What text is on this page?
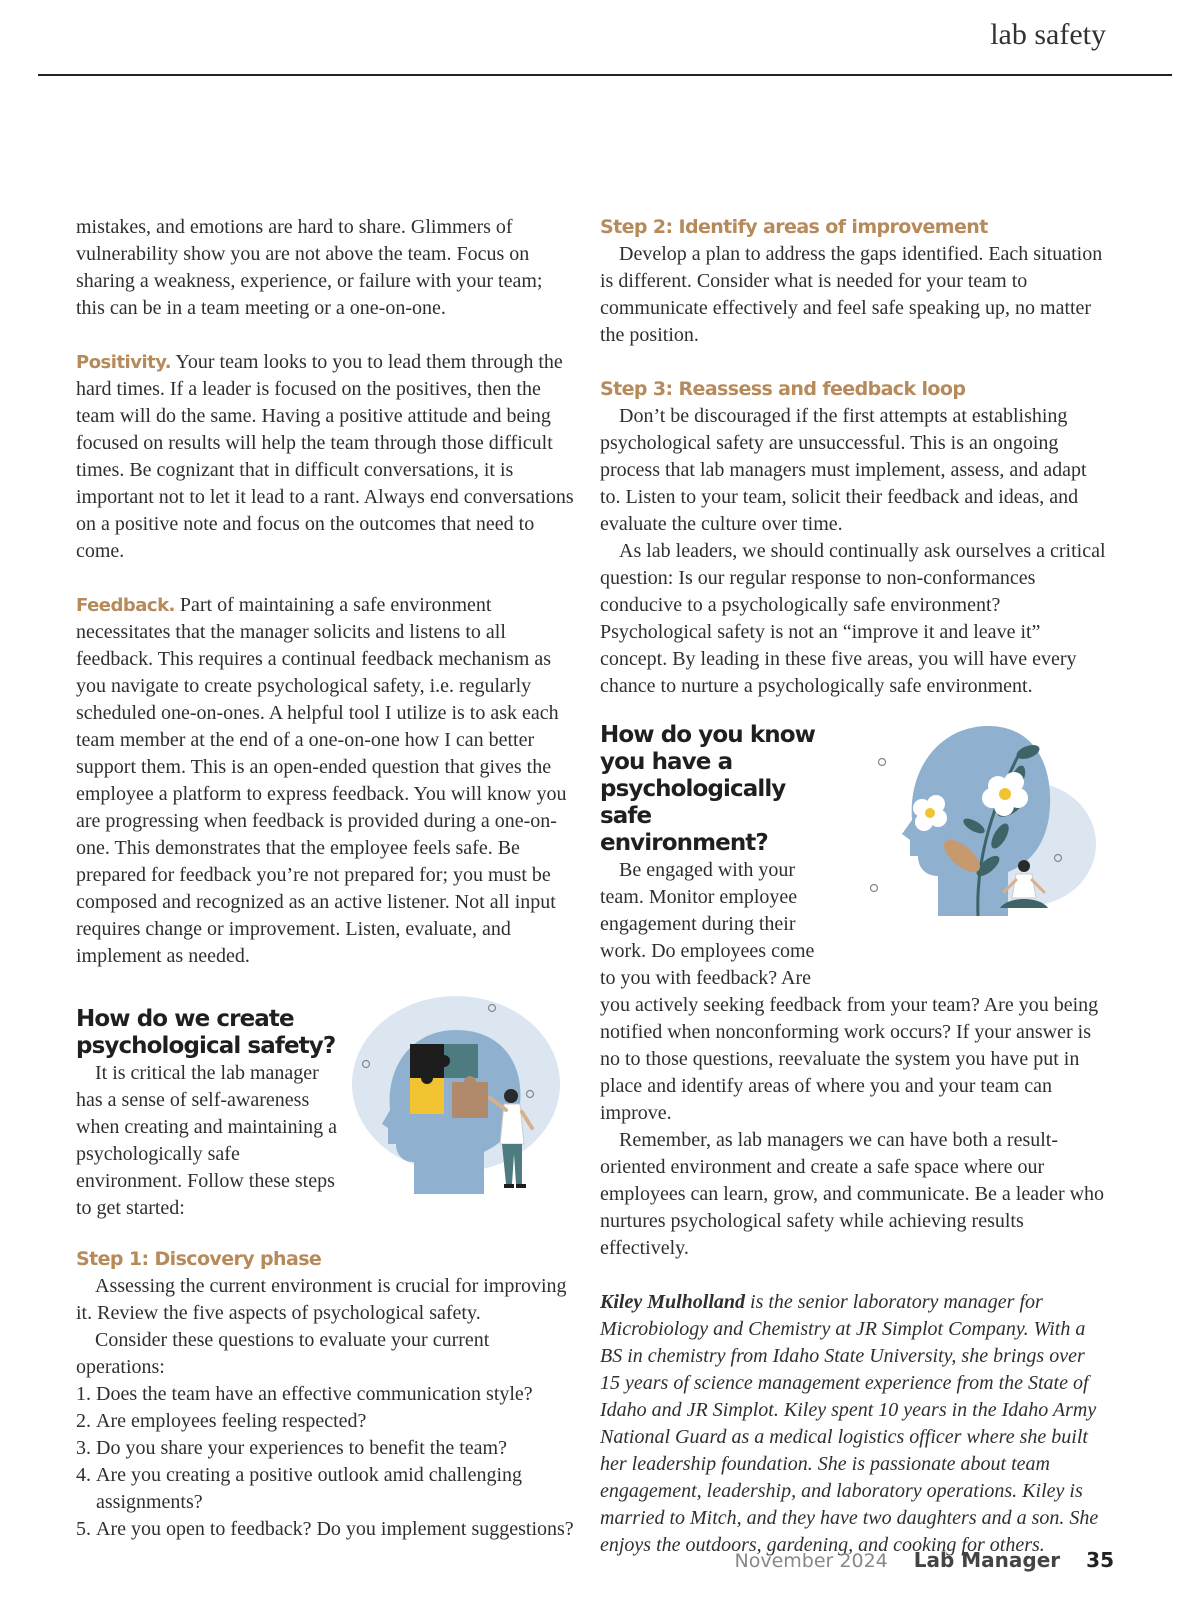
lab safety

mistakes, and emotions are hard to share. Glimmers of vulnerability show you are not above the team. Focus on sharing a weakness, experience, or failure with your team; this can be in a team meeting or a one-on-one.

Positivity. Your team looks to you to lead them through the hard times. If a leader is focused on the positives, then the team will do the same. Having a positive attitude and being focused on results will help the team through those difficult times. Be cognizant that in difficult conversations, it is important not to let it lead to a rant. Always end conversations on a positive note and focus on the outcomes that need to come.

Feedback. Part of maintaining a safe environment necessitates that the manager solicits and listens to all feedback. This requires a continual feedback mechanism as you navigate to create psychological safety, i.e. regularly scheduled one-on-ones. A helpful tool I utilize is to ask each team member at the end of a one-on-one how I can better support them. This is an open-ended question that gives the employee a platform to express feedback. You will know you are progressing when feedback is provided during a one-on-one. This demonstrates that the employee feels safe. Be prepared for feedback you’re not prepared for; you must be composed and recognized as an active listener. Not all input requires change or improvement. Listen, evaluate, and implement as needed.

How do we create psychological safety?

It is critical the lab manager has a sense of self-awareness when creating and maintaining a psychologically safe environment. Follow these steps to get started:

Step 1: Discovery phase

Assessing the current environment is crucial for improving it. Review the five aspects of psychological safety.

Consider these questions to evaluate your current operations:

1. Does the team have an effective communication style?
2. Are employees feeling respected?
3. Do you share your experiences to benefit the team?
4. Are you creating a positive outlook amid challenging assignments?
5. Are you open to feedback? Do you implement suggestions?
Step 2: Identify areas of improvement

Develop a plan to address the gaps identified. Each situation is different. Consider what is needed for your team to communicate effectively and feel safe speaking up, no matter the position.

Step 3: Reassess and feedback loop

Don’t be discouraged if the first attempts at establishing psychological safety are unsuccessful. This is an ongoing process that lab managers must implement, assess, and adapt to. Listen to your team, solicit their feedback and ideas, and evaluate the culture over time.

As lab leaders, we should continually ask ourselves a critical question: Is our regular response to non-conformances conducive to a psychologically safe environment? Psychological safety is not an “improve it and leave it” concept. By leading in these five areas, you will have every chance to nurture a psychologically safe environment.

How do you know you have a psychologically safe environment?

Be engaged with your team. Monitor employee engagement during their work. Do employees come to you with feedback? Are you actively seeking feedback from your team? Are you being notified when nonconforming work occurs? If your answer is no to those questions, reevaluate the system you have put in place and identify areas of where you and your team can improve.

Remember, as lab managers we can have both a result-oriented environment and create a safe space where our employees can learn, grow, and communicate. Be a leader who nurtures psychological safety while achieving results effectively.

Kiley Mulholland is the senior laboratory manager for Microbiology and Chemistry at JR Simplot Company. With a BS in chemistry from Idaho State University, she brings over 15 years of science management experience from the State of Idaho and JR Simplot. Kiley spent 10 years in the Idaho Army National Guard as a medical logistics officer where she built her leadership foundation. She is passionate about team engagement, leadership, and laboratory operations. Kiley is married to Mitch, and they have two daughters and a son. She enjoys the outdoors, gardening, and cooking for others.

November 2024 Lab Manager 35
